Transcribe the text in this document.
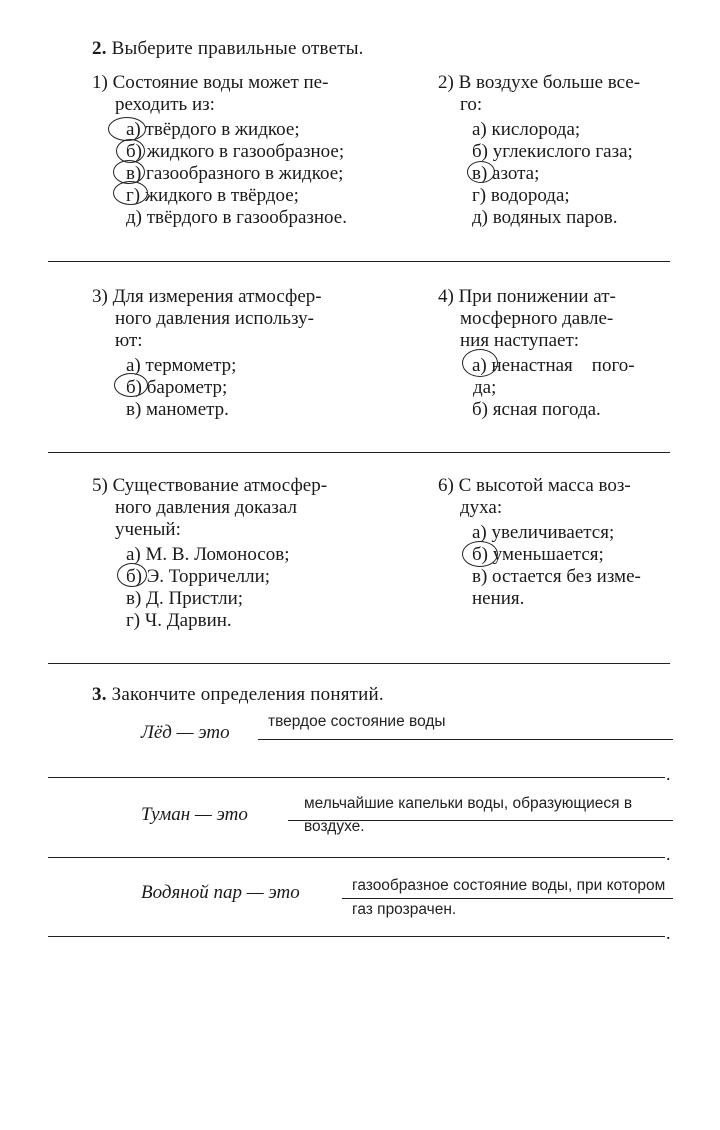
2. Выберите правильные ответы.
1) Состояние воды может пе-
реходить из:
а) твёрдого в жидкое;
б) жидкого в газообразное;
в) газообразного в жидкое;
г) жидкого в твёрдое;
д) твёрдого в газообразное.
2) В воздухе больше все-
го:
а) кислорода;
б) углекислого газа;
в) азота;
г) водорода;
д) водяных паров.
3) Для измерения атмосфер-
ного давления использу-
ют:
а) термометр;
б) барометр;
в) манометр.
4) При понижении ат-
мосферного давле-
ния наступает:
а) ненастная    пого-
да;
б) ясная погода.
5) Существование атмосфер-
ного давления доказал
ученый:
а) М. В. Ломоносов;
б) Э. Торричелли;
в) Д. Пристли;
г) Ч. Дарвин.
6) С высотой масса воз-
духа:
а) увеличивается;
б) уменьшается;
в) остается без изме-
нения.
3. Закончите определения понятий.
Лёд — это
твердое состояние воды
.
Туман — это
мельчайшие капельки воды, образующиеся в
воздухе.
.
Водяной пар — это	газообразное состояние воды, при котором
газ прозрачен.
.
